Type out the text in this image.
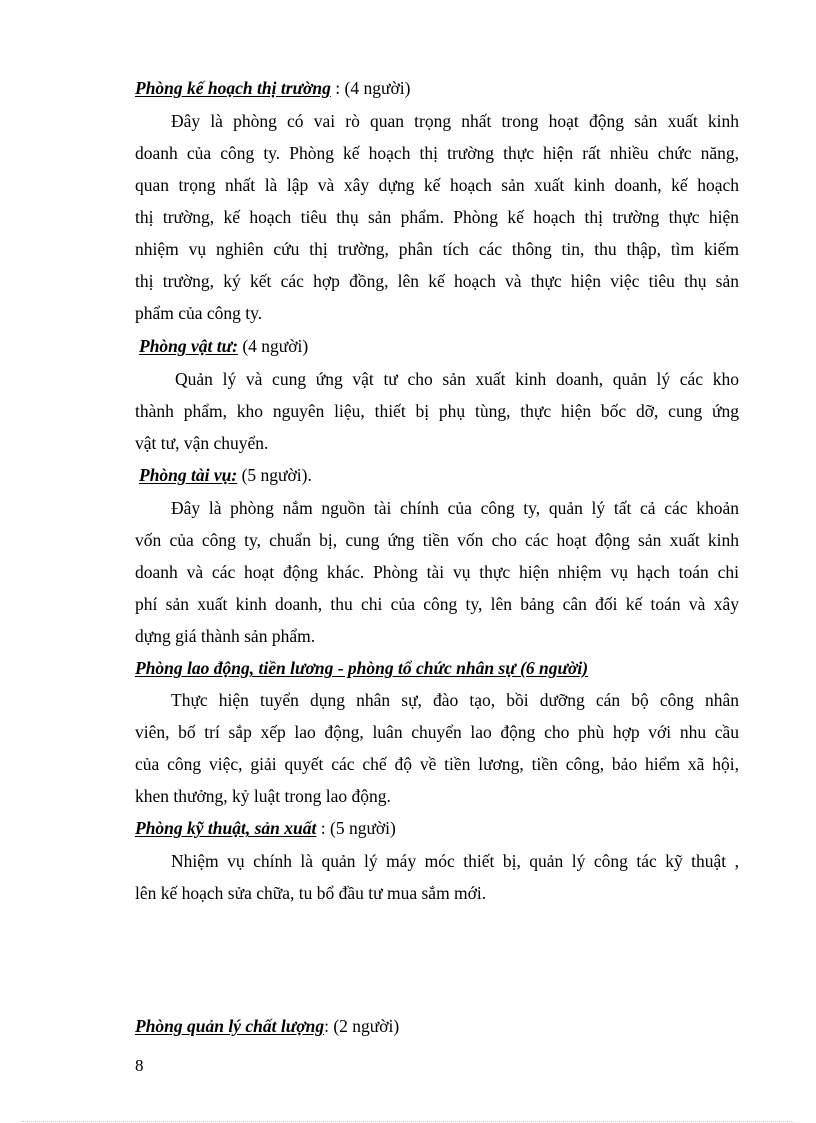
Phòng kế hoạch thị trường : (4 người)
Đây là phòng có vai rò quan trọng nhất trong hoạt động sản xuất kinh
doanh của công ty. Phòng kế hoạch thị trường thực hiện rất nhiều chức năng,
quan trọng nhất là lập và xây dựng kế hoạch sản xuất kinh doanh, kế hoạch
thị trường, kế hoạch tiêu thụ sản phẩm. Phòng kế hoạch thị trường thực hiện
nhiệm vụ nghiên cứu thị trường, phân tích các thông tin, thu thập, tìm kiếm
thị trường, ký kết các hợp đồng, lên kế hoạch và thực hiện việc tiêu thụ sản
phẩm của công ty.
Phòng vật tư: (4 người)
Quản lý và cung ứng vật tư cho sản xuất kinh doanh, quản lý các kho
thành phẩm, kho nguyên liệu, thiết bị phụ tùng, thực hiện bốc dỡ, cung ứng
vật tư, vận chuyển.
Phòng tài vụ: (5 người).
Đây là phòng nắm nguồn tài chính của công ty, quản lý tất cả các khoản
vốn của công ty, chuẩn bị, cung ứng tiền vốn cho các hoạt động sản xuất kinh
doanh và các hoạt động khác. Phòng tài vụ thực hiện nhiệm vụ hạch toán chi
phí sản xuất kinh doanh, thu chi của công ty, lên bảng cân đối kế toán và xây
dựng giá thành sản phẩm.
Phòng lao động, tiền lương - phòng tổ chức nhân sự (6 người)
Thực hiện tuyển dụng nhân sự, đào tạo, bồi dưỡng cán bộ công nhân
viên, bố trí sắp xếp lao động, luân chuyển lao động cho phù hợp với nhu cầu
của công việc, giải quyết các chế độ về tiền lương, tiền công, bảo hiểm xã hội,
khen thưởng, kỷ luật trong lao động.
Phòng kỹ thuật, sản xuất : (5 người)
Nhiệm vụ chính là quản lý máy móc thiết bị, quản lý công tác kỹ thuật ,
lên kế hoạch sửa chữa, tu bổ đầu tư mua sắm mới.
Phòng quản lý chất lượng: (2 người)
8
